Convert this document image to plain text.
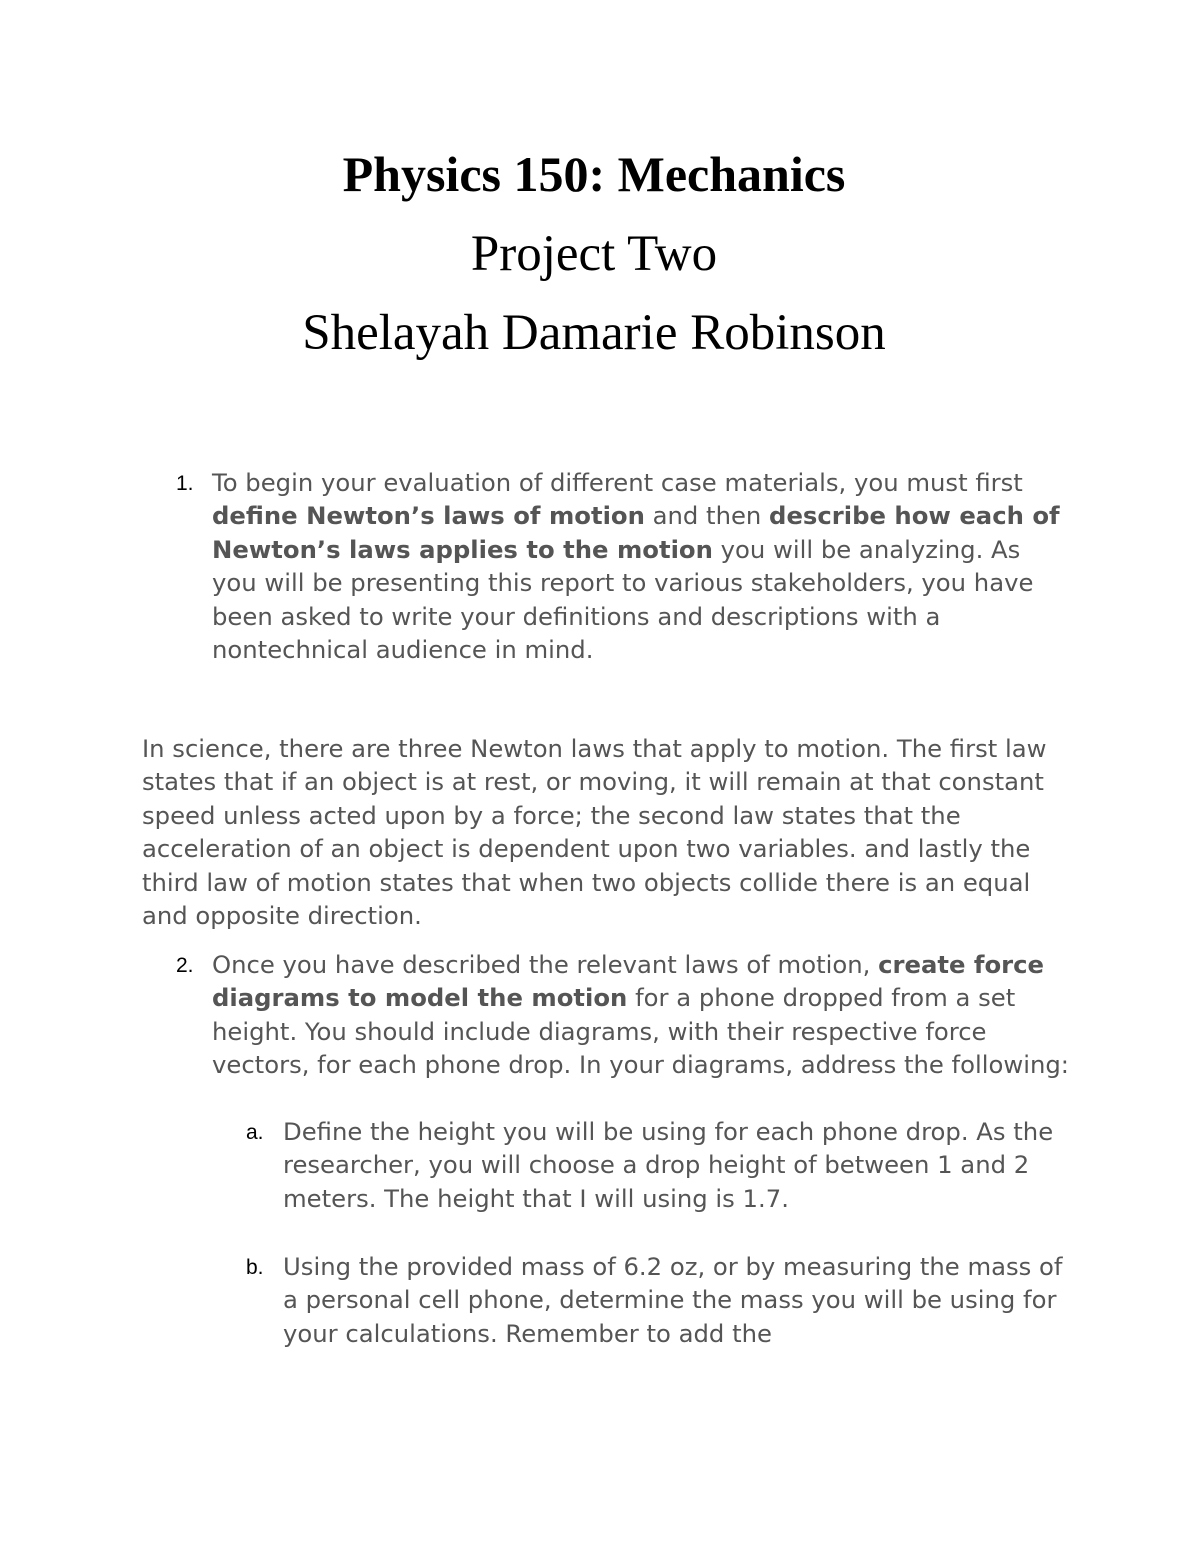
Physics 150: Mechanics
Project Two
Shelayah Damarie Robinson
1. To begin your evaluation of different case materials, you must first define Newton’s laws of motion and then describe how each of Newton’s laws applies to the motion you will be analyzing. As you will be presenting this report to various stakeholders, you have been asked to write your definitions and descriptions with a nontechnical audience in mind.

In science, there are three Newton laws that apply to motion. The first law states that if an object is at rest, or moving, it will remain at that constant speed unless acted upon by a force; the second law states that the acceleration of an object is dependent upon two variables. and lastly the third law of motion states that when two objects collide there is an equal and opposite direction.

2. Once you have described the relevant laws of motion, create force diagrams to model the motion for a phone dropped from a set height. You should include diagrams, with their respective force vectors, for each phone drop. In your diagrams, address the following:

a. Define the height you will be using for each phone drop. As the researcher, you will choose a drop height of between 1 and 2 meters. The height that I will using is 1.7.

b. Using the provided mass of 6.2 oz, or by measuring the mass of a personal cell phone, determine the mass you will be using for your calculations. Remember to add the
